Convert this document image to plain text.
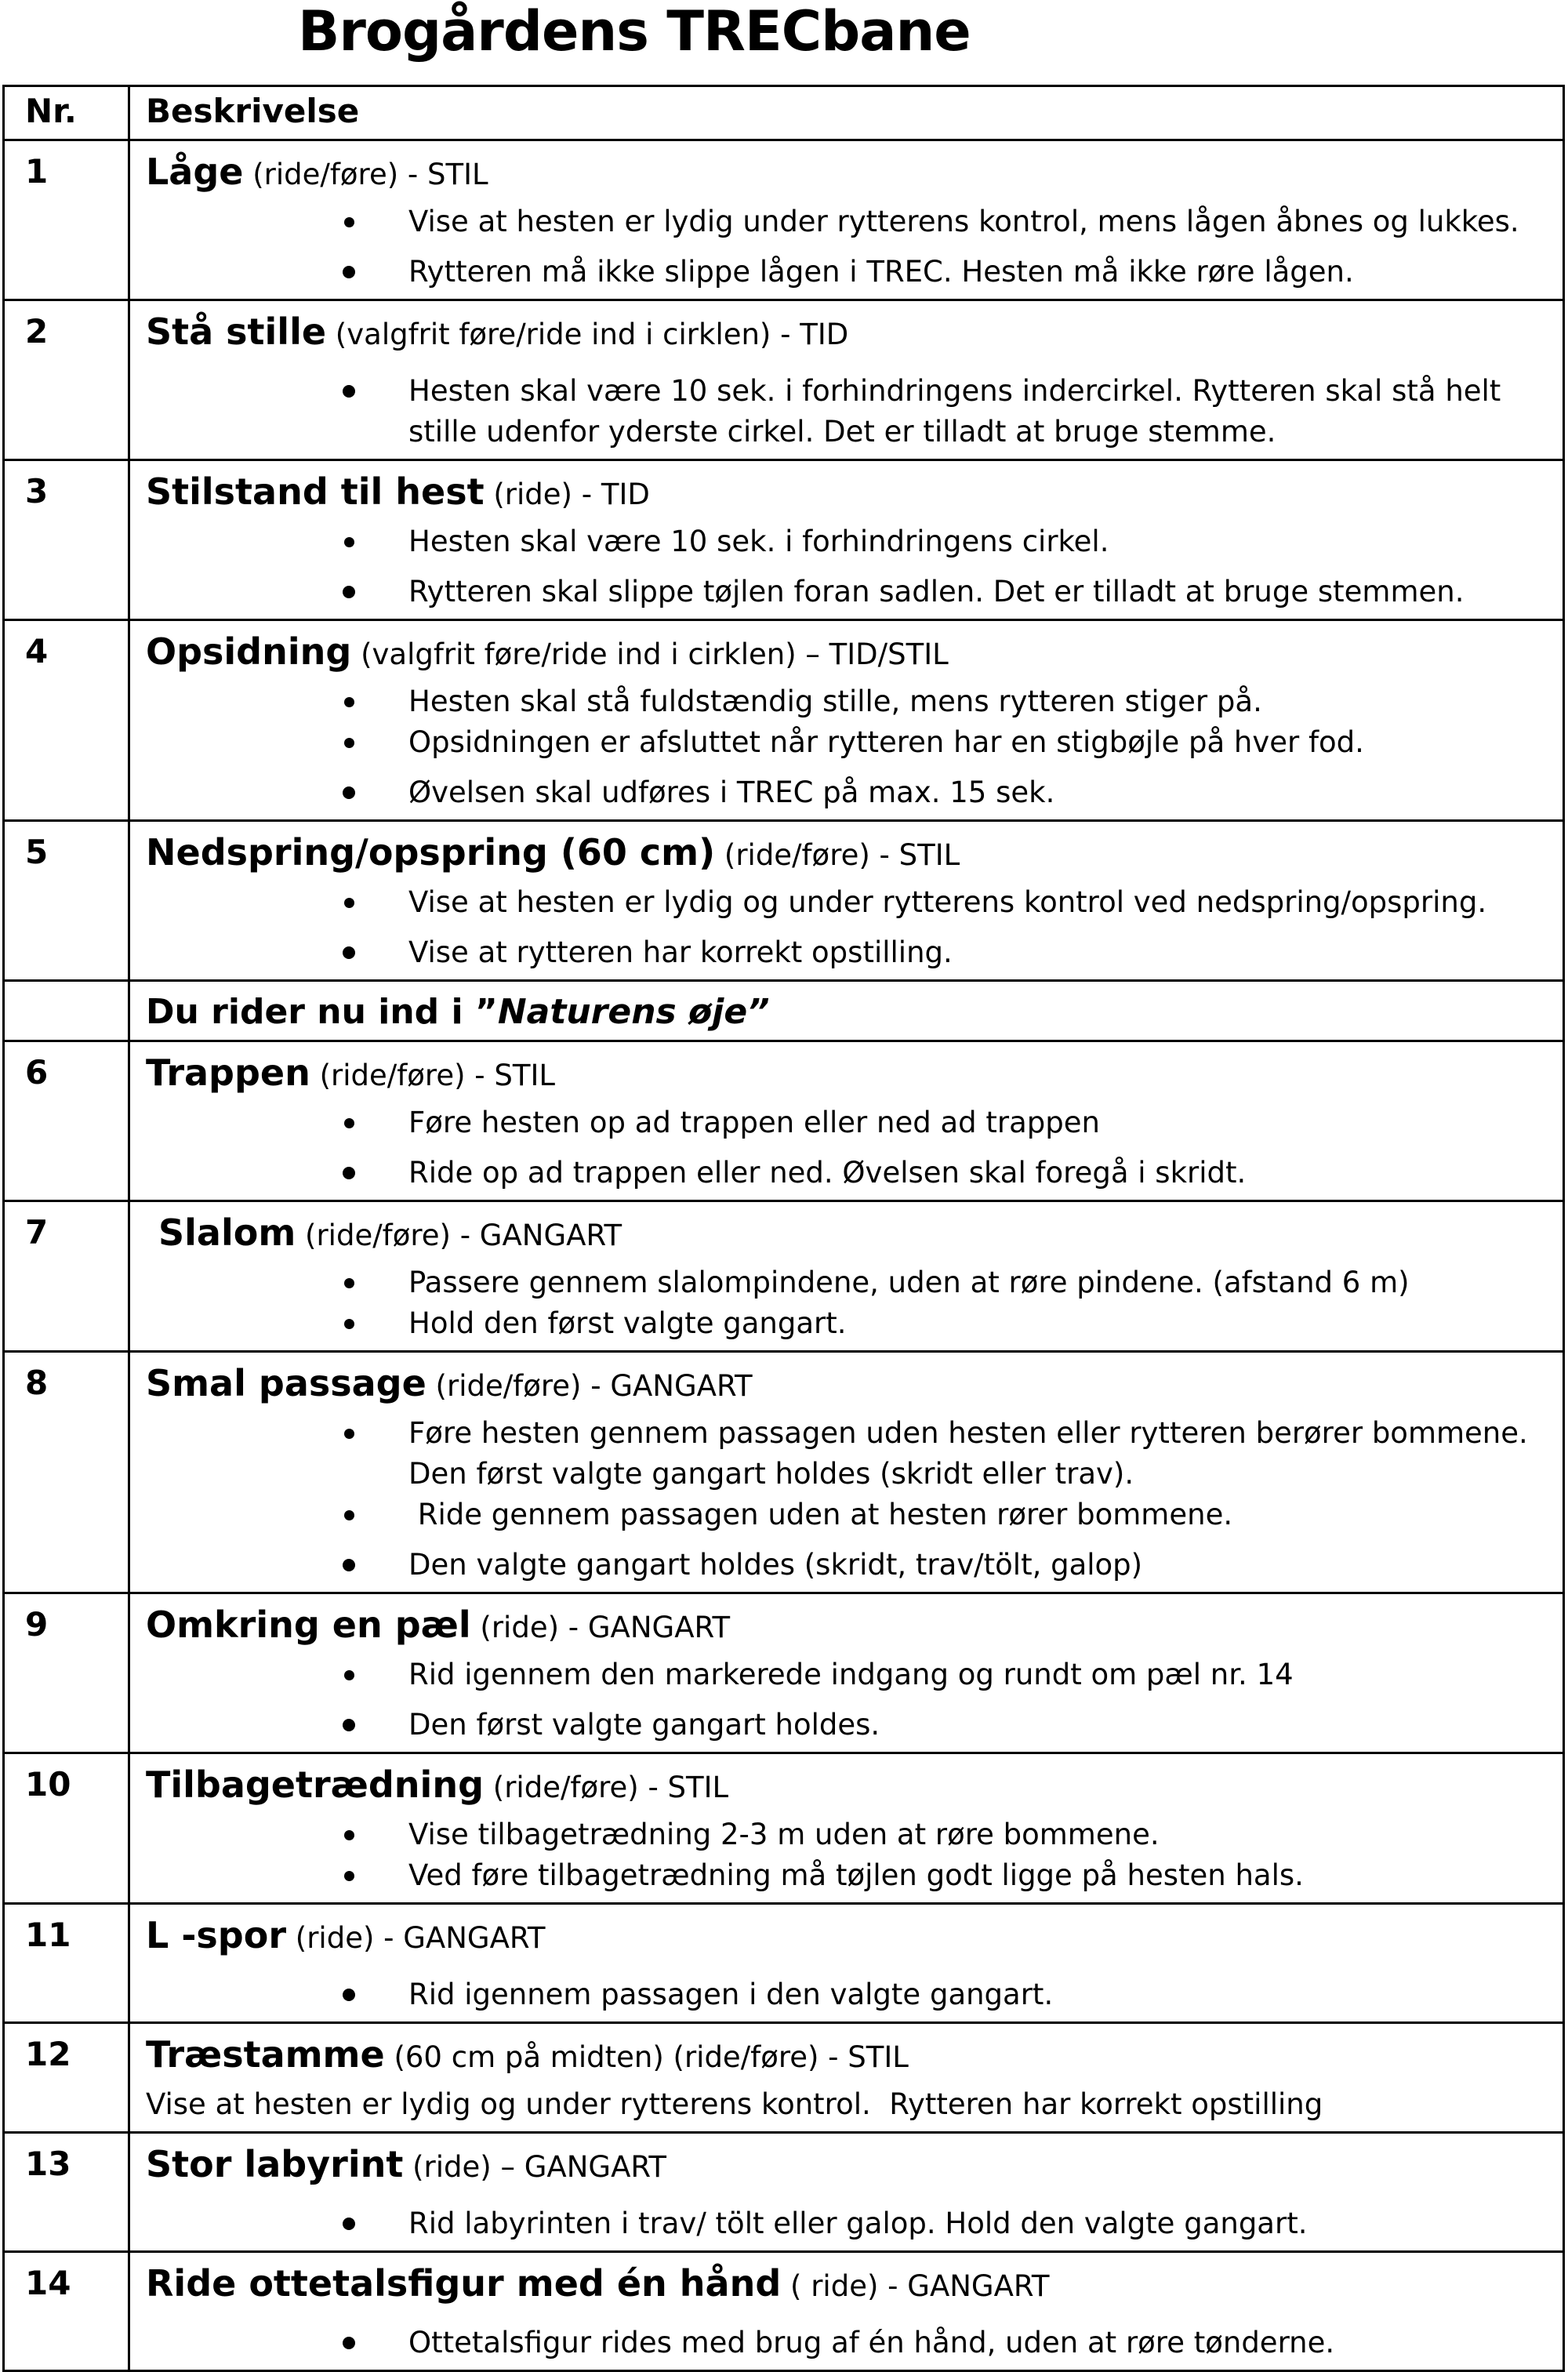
Brogårdens TRECbane
Nr.	Beskrivelse
1	Låge (ride/føre) - STIL
Vise at hesten er lydig under rytterens kontrol, mens lågen åbnes og lukkes.
Rytteren må ikke slippe lågen i TREC. Hesten må ikke røre lågen.

2	Stå stille (valgfrit føre/ride ind i cirklen) - TID
Hesten skal være 10 sek. i forhindringens indercirkel. Rytteren skal stå helt stille udenfor yderste cirkel. Det er tilladt at bruge stemme.

3	Stilstand til hest (ride) - TID
Hesten skal være 10 sek. i forhindringens cirkel.
Rytteren skal slippe tøjlen foran sadlen. Det er tilladt at bruge stemmen.

4	Opsidning (valgfrit føre/ride ind i cirklen) – TID/STIL
Hesten skal stå fuldstændig stille, mens rytteren stiger på.
Opsidningen er afsluttet når rytteren har en stigbøjle på hver fod.
Øvelsen skal udføres i TREC på max. 15 sek.

5	Nedspring/opspring (60 cm) (ride/føre) - STIL
Vise at hesten er lydig og under rytterens kontrol ved nedspring/opspring.
Vise at rytteren har korrekt opstilling.

	Du rider nu ind i ”Naturens øje”

6	Trappen (ride/føre) - STIL
Føre hesten op ad trappen eller ned ad trappen
Ride op ad trappen eller ned. Øvelsen skal foregå i skridt.

7	Slalom (ride/føre) - GANGART
Passere gennem slalompindene, uden at røre pindene. (afstand 6 m)
Hold den først valgte gangart.

8	Smal passage (ride/føre) - GANGART
Føre hesten gennem passagen uden hesten eller rytteren berører bommene. Den først valgte gangart holdes (skridt eller trav).
Ride gennem passagen uden at hesten rører bommene.
Den valgte gangart holdes (skridt, trav/tölt, galop)

9	Omkring en pæl (ride) - GANGART
Rid igennem den markerede indgang og rundt om pæl nr. 14
Den først valgte gangart holdes.

10	Tilbagetrædning (ride/føre) - STIL
Vise tilbagetrædning 2-3 m uden at røre bommene.
Ved føre tilbagetrædning må tøjlen godt ligge på hesten hals.

11	L -spor (ride) - GANGART
Rid igennem passagen i den valgte gangart.

12	Træstamme (60 cm på midten) (ride/føre) - STIL
Vise at hesten er lydig og under rytterens kontrol.  Rytteren har korrekt opstilling

13	Stor labyrint (ride) – GANGART
Rid labyrinten i trav/ tölt eller galop. Hold den valgte gangart.

14	Ride ottetalsfigur med én hånd ( ride) - GANGART
Ottetalsfigur rides med brug af én hånd, uden at røre tønderne.
